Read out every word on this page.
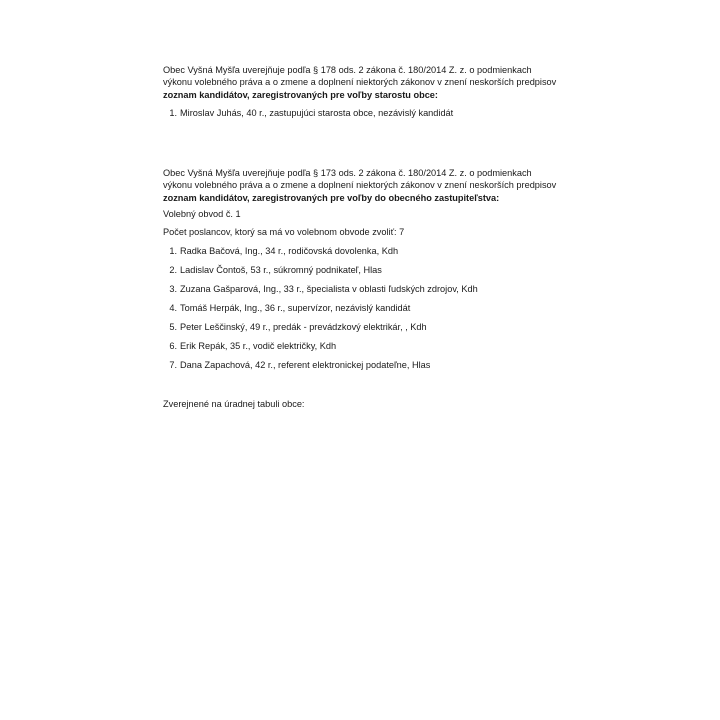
Obec Vyšná Myšľa uverejňuje podľa § 178 ods. 2 zákona č. 180/2014 Z. z. o podmienkach výkonu volebného práva a o zmene a doplnení niektorých zákonov v znení neskorších predpisov zoznam kandidátov, zaregistrovaných pre voľby starostu obce:

1. Miroslav Juhás, 40 r., zastupujúci starosta obce, nezávislý kandidát

Obec Vyšná Myšľa uverejňuje podľa § 173 ods. 2 zákona č. 180/2014 Z. z. o podmienkach výkonu volebného práva a o zmene a doplnení niektorých zákonov v znení neskorších predpisov zoznam kandidátov, zaregistrovaných pre voľby do obecného zastupiteľstva:

Volebný obvod č. 1

Počet poslancov, ktorý sa má vo volebnom obvode zvoliť: 7

1. Radka Bačová, Ing., 34 r., rodičovská dovolenka, Kdh
2. Ladislav Čontoš, 53 r., súkromný podnikateľ, Hlas
3. Zuzana Gašparová, Ing., 33 r., špecialista v oblasti ľudských zdrojov, Kdh
4. Tomáš Herpák, Ing., 36 r., supervízor, nezávislý kandidát
5. Peter Leščinský, 49 r., predák - prevádzkový elektrikár, , Kdh
6. Erik Repák, 35 r., vodič električky, Kdh
7. Dana Zapachová, 42 r., referent elektronickej podateľne, Hlas

Zverejnené na úradnej tabuli obce:
